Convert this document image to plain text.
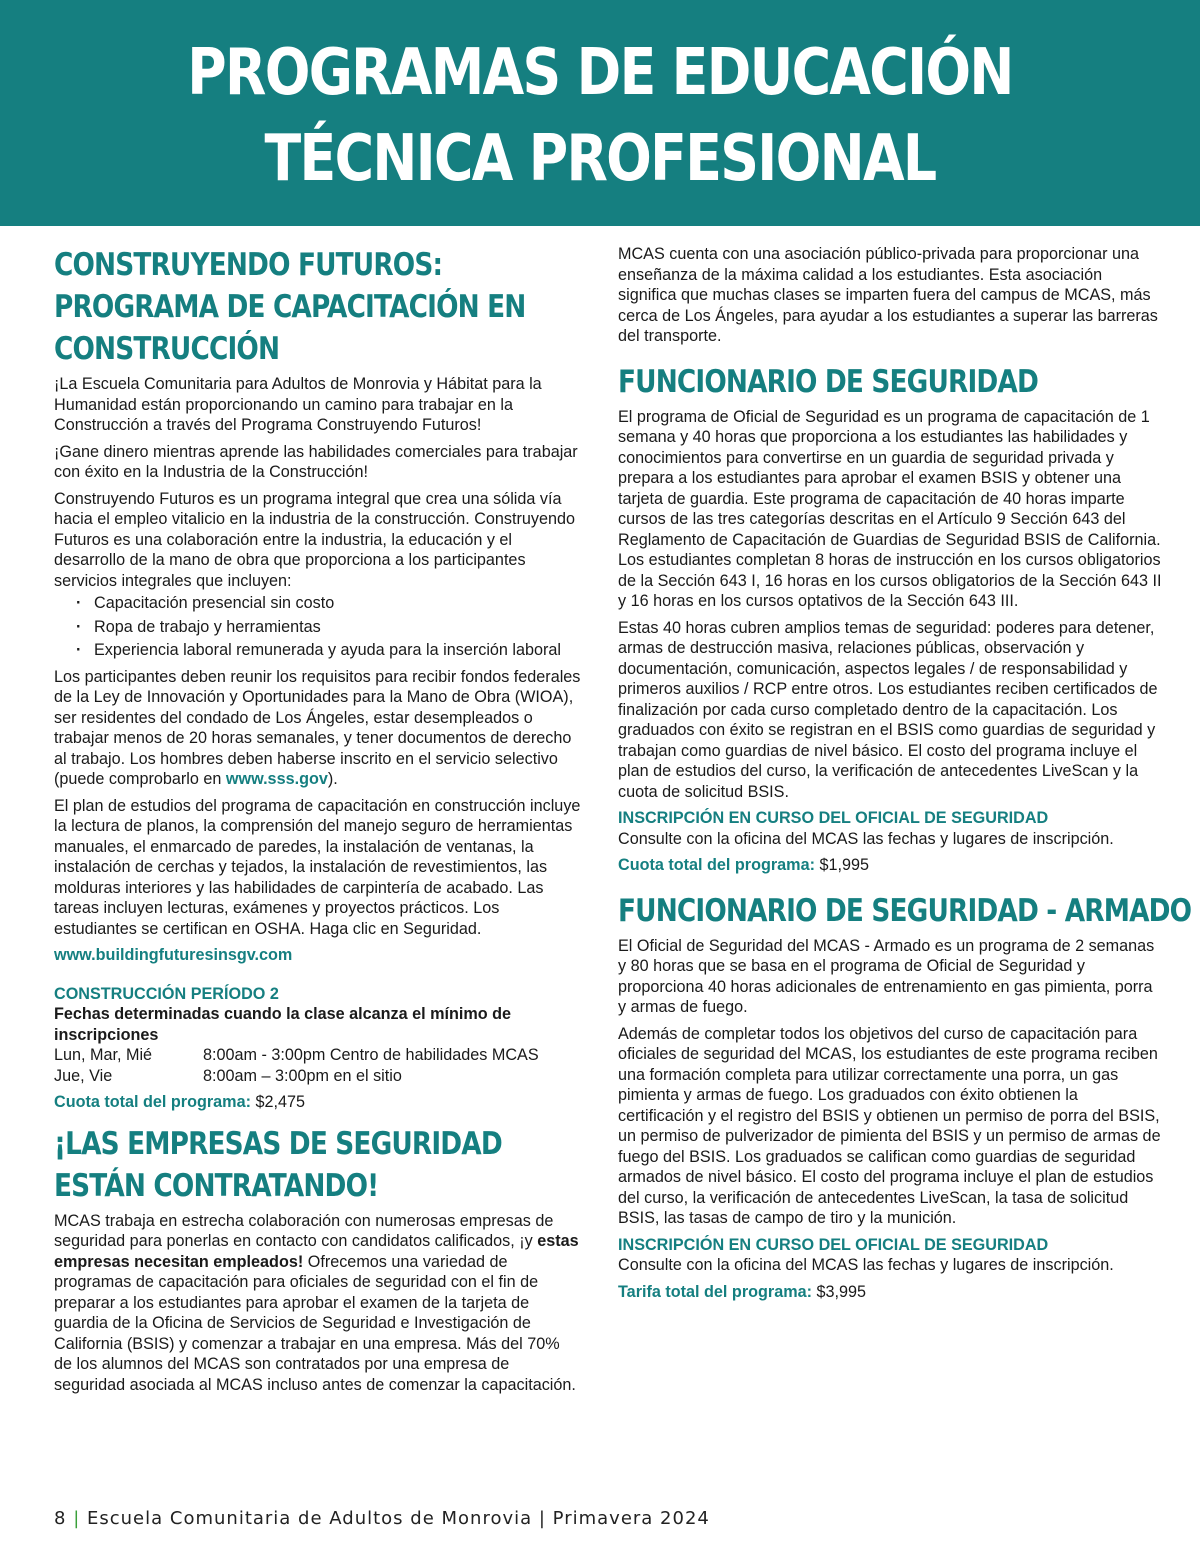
PROGRAMAS DE EDUCACIÓN
TÉCNICA PROFESIONAL
CONSTRUYENDO FUTUROS:
PROGRAMA DE CAPACITACIÓN EN
CONSTRUCCIÓN

¡La Escuela Comunitaria para Adultos de Monrovia y Hábitat para la Humanidad están proporcionando un camino para trabajar en la Construcción a través del Programa Construyendo Futuros!

¡Gane dinero mientras aprende las habilidades comerciales para trabajar con éxito en la Industria de la Construcción!

Construyendo Futuros es un programa integral que crea una sólida vía hacia el empleo vitalicio en la industria de la construcción. Construyendo Futuros es una colaboración entre la industria, la educación y el desarrollo de la mano de obra que proporciona a los participantes servicios integrales que incluyen:

· Capacitación presencial sin costo
· Ropa de trabajo y herramientas
· Experiencia laboral remunerada y ayuda para la inserción laboral

Los participantes deben reunir los requisitos para recibir fondos federales de la Ley de Innovación y Oportunidades para la Mano de Obra (WIOA), ser residentes del condado de Los Ángeles, estar desempleados o trabajar menos de 20 horas semanales, y tener documentos de derecho al trabajo. Los hombres deben haberse inscrito en el servicio selectivo (puede comprobarlo en www.sss.gov).

El plan de estudios del programa de capacitación en construcción incluye la lectura de planos, la comprensión del manejo seguro de herramientas manuales, el enmarcado de paredes, la instalación de ventanas, la instalación de cerchas y tejados, la instalación de revestimientos, las molduras interiores y las habilidades de carpintería de acabado. Las tareas incluyen lecturas, exámenes y proyectos prácticos. Los estudiantes se certifican en OSHA. Haga clic en Seguridad.

www.buildingfuturesinsgv.com

CONSTRUCCIÓN PERÍODO 2
Fechas determinadas cuando la clase alcanza el mínimo de inscripciones
Lun, Mar, Mié	8:00am - 3:00pm Centro de habilidades MCAS
Jue, Vie	8:00am – 3:00pm en el sitio

Cuota total del programa: $2,475

¡LAS EMPRESAS DE SEGURIDAD
ESTÁN CONTRATANDO!

MCAS trabaja en estrecha colaboración con numerosas empresas de seguridad para ponerlas en contacto con candidatos calificados, ¡y estas empresas necesitan empleados! Ofrecemos una variedad de programas de capacitación para oficiales de seguridad con el fin de preparar a los estudiantes para aprobar el examen de la tarjeta de guardia de la Oficina de Servicios de Seguridad e Investigación de California (BSIS) y comenzar a trabajar en una empresa. Más del 70% de los alumnos del MCAS son contratados por una empresa de seguridad asociada al MCAS incluso antes de comenzar la capacitación.

MCAS cuenta con una asociación público-privada para proporcionar una enseñanza de la máxima calidad a los estudiantes. Esta asociación significa que muchas clases se imparten fuera del campus de MCAS, más cerca de Los Ángeles, para ayudar a los estudiantes a superar las barreras del transporte.

FUNCIONARIO DE SEGURIDAD

El programa de Oficial de Seguridad es un programa de capacitación de 1 semana y 40 horas que proporciona a los estudiantes las habilidades y conocimientos para convertirse en un guardia de seguridad privada y prepara a los estudiantes para aprobar el examen BSIS y obtener una tarjeta de guardia. Este programa de capacitación de 40 horas imparte cursos de las tres categorías descritas en el Artículo 9 Sección 643 del Reglamento de Capacitación de Guardias de Seguridad BSIS de California. Los estudiantes completan 8 horas de instrucción en los cursos obligatorios de la Sección 643 I, 16 horas en los cursos obligatorios de la Sección 643 II y 16 horas en los cursos optativos de la Sección 643 III.

Estas 40 horas cubren amplios temas de seguridad: poderes para detener, armas de destrucción masiva, relaciones públicas, observación y documentación, comunicación, aspectos legales / de responsabilidad y primeros auxilios / RCP entre otros. Los estudiantes reciben certificados de finalización por cada curso completado dentro de la capacitación. Los graduados con éxito se registran en el BSIS como guardias de seguridad y trabajan como guardias de nivel básico. El costo del programa incluye el plan de estudios del curso, la verificación de antecedentes LiveScan y la cuota de solicitud BSIS.

INSCRIPCIÓN EN CURSO DEL OFICIAL DE SEGURIDAD

Consulte con la oficina del MCAS las fechas y lugares de inscripción.

Cuota total del programa: $1,995

FUNCIONARIO DE SEGURIDAD - ARMADO

El Oficial de Seguridad del MCAS - Armado es un programa de 2 semanas y 80 horas que se basa en el programa de Oficial de Seguridad y proporciona 40 horas adicionales de entrenamiento en gas pimienta, porra y armas de fuego.

Además de completar todos los objetivos del curso de capacitación para oficiales de seguridad del MCAS, los estudiantes de este programa reciben una formación completa para utilizar correctamente una porra, un gas pimienta y armas de fuego. Los graduados con éxito obtienen la certificación y el registro del BSIS y obtienen un permiso de porra del BSIS, un permiso de pulverizador de pimienta del BSIS y un permiso de armas de fuego del BSIS. Los graduados se califican como guardias de seguridad armados de nivel básico. El costo del programa incluye el plan de estudios del curso, la verificación de antecedentes LiveScan, la tasa de solicitud BSIS, las tasas de campo de tiro y la munición.

INSCRIPCIÓN EN CURSO DEL OFICIAL DE SEGURIDAD

Consulte con la oficina del MCAS las fechas y lugares de inscripción.

Tarifa total del programa: $3,995

8 | Escuela Comunitaria de Adultos de Monrovia | Primavera 2024
